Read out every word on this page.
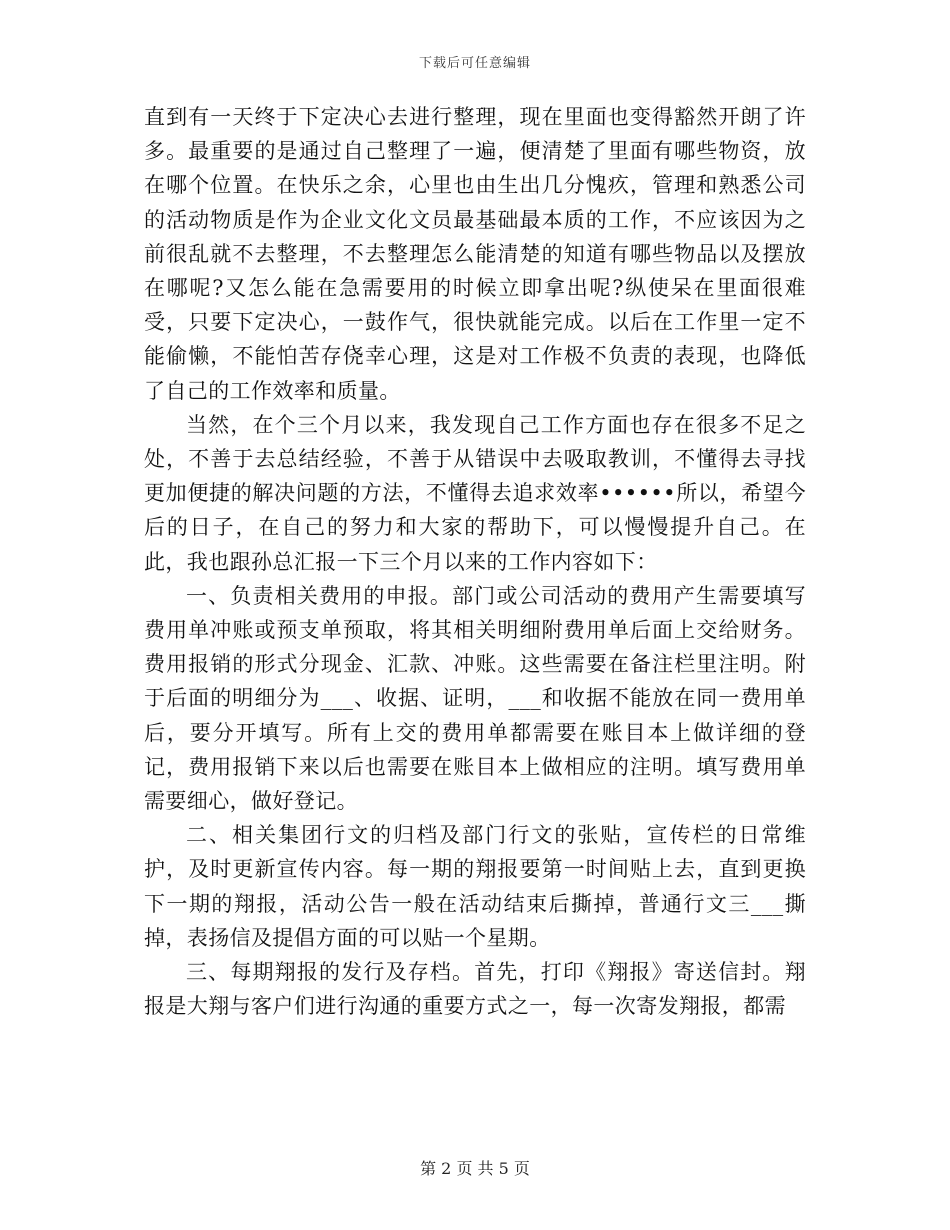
下载后可任意编辑

直到有一天终于下定决心去进行整理，现在里面也变得豁然开朗了许多。最重要的是通过自己整理了一遍，便清楚了里面有哪些物资，放在哪个位置。在快乐之余，心里也由生出几分愧疚，管理和熟悉公司的活动物质是作为企业文化文员最基础最本质的工作，不应该因为之前很乱就不去整理，不去整理怎么能清楚的知道有哪些物品以及摆放在哪呢?又怎么能在急需要用的时候立即拿出呢?纵使呆在里面很难受，只要下定决心，一鼓作气，很快就能完成。以后在工作里一定不能偷懒，不能怕苦存侥幸心理，这是对工作极不负责的表现，也降低了自己的工作效率和质量。

当然，在个三个月以来，我发现自己工作方面也存在很多不足之处，不善于去总结经验，不善于从错误中去吸取教训，不懂得去寻找更加便捷的解决问题的方法，不懂得去追求效率••••••所以，希望今后的日子，在自己的努力和大家的帮助下，可以慢慢提升自己。在此，我也跟孙总汇报一下三个月以来的工作内容如下：

一、负责相关费用的申报。部门或公司活动的费用产生需要填写费用单冲账或预支单预取，将其相关明细附费用单后面上交给财务。费用报销的形式分现金、汇款、冲账。这些需要在备注栏里注明。附于后面的明细分为___、收据、证明，___和收据不能放在同一费用单后，要分开填写。所有上交的费用单都需要在账目本上做详细的登记，费用报销下来以后也需要在账目本上做相应的注明。填写费用单需要细心，做好登记。

二、相关集团行文的归档及部门行文的张贴，宣传栏的日常维护，及时更新宣传内容。每一期的翔报要第一时间贴上去，直到更换下一期的翔报，活动公告一般在活动结束后撕掉，普通行文三___撕掉，表扬信及提倡方面的可以贴一个星期。

三、每期翔报的发行及存档。首先，打印《翔报》寄送信封。翔报是大翔与客户们进行沟通的重要方式之一，每一次寄发翔报，都需

第 2 页 共 5 页
